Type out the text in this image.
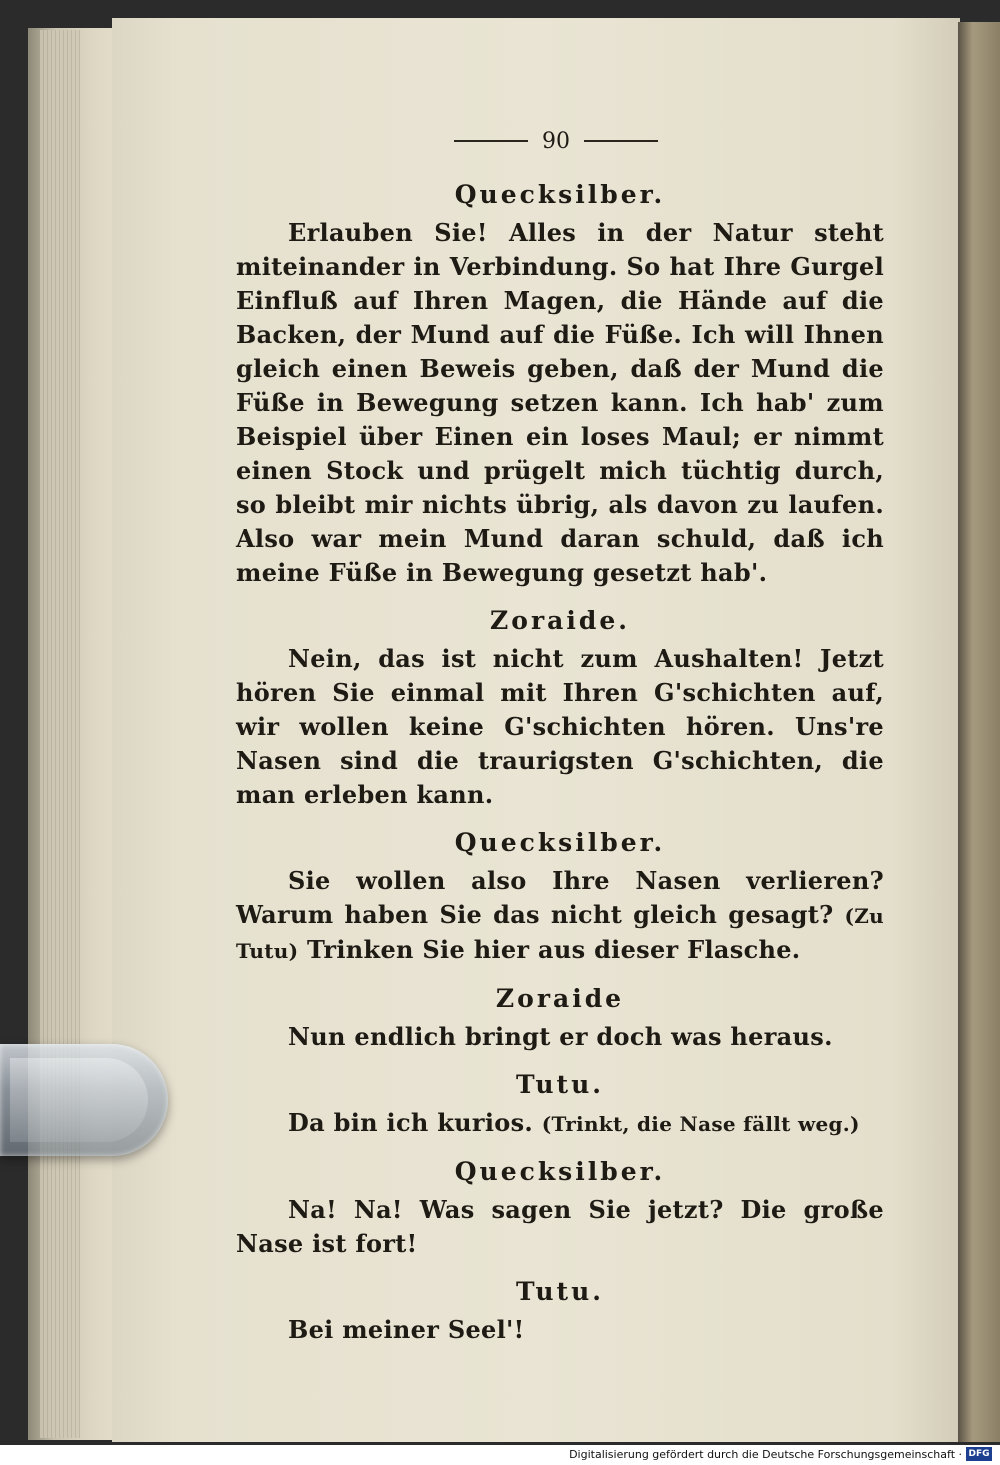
90
Quecksilber.

Erlauben Sie! Alles in der Natur steht miteinander in Verbindung. So hat Ihre Gurgel Einfluß auf Ihren Magen, die Hände auf die Backen, der Mund auf die Füße. Ich will Ihnen gleich einen Beweis geben, daß der Mund die Füße in Bewegung setzen kann. Ich hab' zum Beispiel über Einen ein loses Maul; er nimmt einen Stock und prügelt mich tüchtig durch, so bleibt mir nichts übrig, als davon zu laufen. Also war mein Mund daran schuld, daß ich meine Füße in Bewegung gesetzt hab'.

Zoraide.

Nein, das ist nicht zum Aushalten! Jetzt hören Sie einmal mit Ihren G'schichten auf, wir wollen keine G'schichten hören. Uns're Nasen sind die traurigsten G'schichten, die man erleben kann.

Quecksilber.

Sie wollen also Ihre Nasen verlieren? Warum haben Sie das nicht gleich gesagt? (Zu Tutu) Trinken Sie hier aus dieser Flasche.

Zoraide

Nun endlich bringt er doch was heraus.

Tutu.

Da bin ich kurios. (Trinkt, die Nase fällt weg.)

Quecksilber.

Na! Na! Was sagen Sie jetzt? Die große Nase ist fort!

Tutu.

Bei meiner Seel'!

Digitalisierung gefördert durch die Deutsche Forschungsgemeinschaft · DFG
